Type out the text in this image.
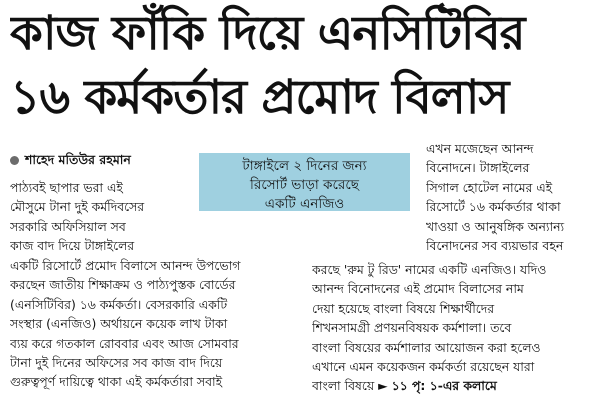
কাজ ফাঁকি দিয়ে এনসিটিবির
১৬ কর্মকর্তার প্রমোদ বিলাস
শাহেদ মতিউর রহমান	টাঙ্গাইলে ২ দিনের জন্য
রিসোর্ট ভাড়া করেছে
একটি এনজিও
পাঠ্যবই ছাপার ভরা এই
মৌসুমে টানা দুই কর্মদিবসের
সরকারি অফিসিয়াল সব
কাজ বাদ দিয়ে টাঙ্গাইলের
একটি রিসোর্টে প্রমোদ বিলাসে আনন্দ উপভোগ
করছেন জাতীয় শিক্ষাক্রম ও পাঠ্যপুস্তক বোর্ডের
(এনসিটিবির) ১৬ কর্মকর্তা। বেসরকারি একটি
সংস্থার (এনজিও) অর্থায়নে কয়েক লাখ টাকা
ব্যয় করে গতকাল রোববার এবং আজ সোমবার
টানা দুই দিনের অফিসের সব কাজ বাদ দিয়ে
গুরুত্বপূর্ণ দায়িত্বে থাকা এই কর্মকর্তারা সবাই
এখন মজেছেন আনন্দ
বিনোদনে। টাঙ্গাইলের
সিগাল হোটেল নামের এই
রিসোর্টে ১৬ কর্মকর্তার থাকা
খাওয়া ও আনুষঙ্গিক অন্যান্য
বিনোদনের সব ব্যয়ভার বহন
করছে 'রুম টু রিড' নামের একটি এনজিও। যদিও
আনন্দ বিনোদনের এই প্রমোদ বিলাসের নাম
দেয়া হয়েছে বাংলা বিষয়ে শিক্ষার্থীদের
শিখনসামগ্রী প্রণয়নবিষয়ক কর্মশালা। তবে
বাংলা বিষয়ের কর্মশালার আয়োজন করা হলেও
এখানে এমন কয়েকজন কর্মকর্তা রয়েছেন যারা
বাংলা বিষয়ে ► ১১ পৃ: ১-এর কলামে
